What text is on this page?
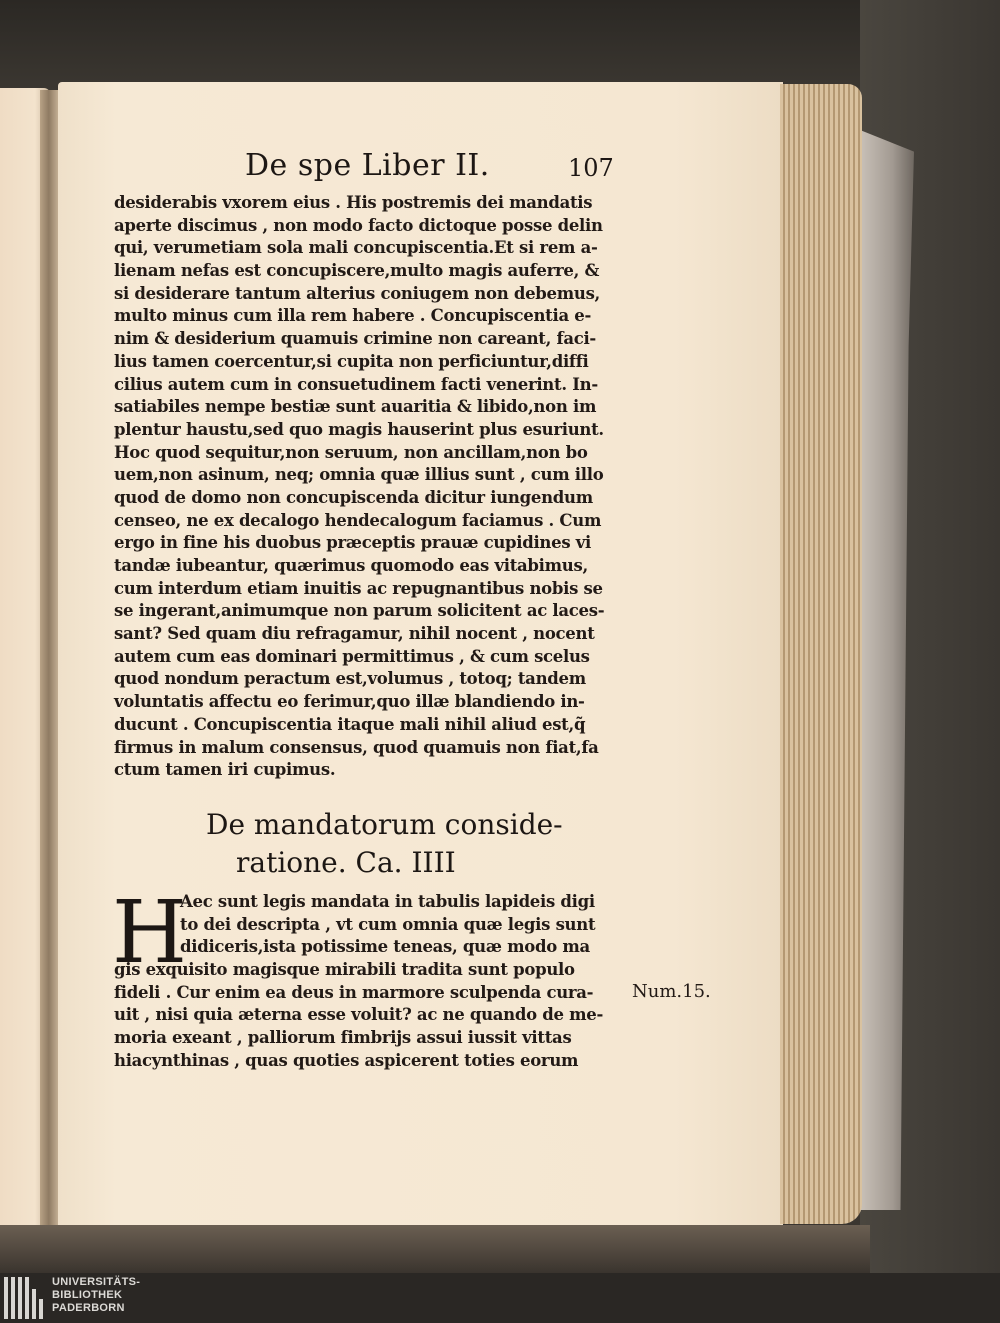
De spe Liber II.	107
desiderabis vxorem eius . His postremis dei mandatis
aperte discimus , non modo facto dictoque posse delin
qui, verumetiam sola mali concupiscentia.Et si rem a-
lienam nefas est concupiscere,multo magis auferre, &
si desiderare tantum alterius coniugem non debemus,
multo minus cum illa rem habere . Concupiscentia e-
nim & desiderium quamuis crimine non careant, faci-
lius tamen coercentur,si cupita non perficiuntur,diffi
cilius autem cum in consuetudinem facti venerint. In-
satiabiles nempe bestiæ sunt auaritia & libido,non im
plentur haustu,sed quo magis hauserint plus esuriunt.
Hoc quod sequitur,non seruum, non ancillam,non bo
uem,non asinum, neq; omnia quæ illius sunt , cum illo
quod de domo non concupiscenda dicitur iungendum
censeo, ne ex decalogo hendecalogum faciamus . Cum
ergo in fine his duobus præceptis prauæ cupidines vi
tandæ iubeantur, quærimus quomodo eas vitabimus,
cum interdum etiam inuitis ac repugnantibus nobis se
se ingerant,animumque non parum solicitent ac laces-
sant? Sed quam diu refragamur, nihil nocent , nocent
autem cum eas dominari permittimus , & cum scelus
quod nondum peractum est,volumus , totoq; tandem
voluntatis affectu eo ferimur,quo illæ blandiendo in-
ducunt . Concupiscentia itaque mali nihil aliud est,q̃
firmus in malum consensus, quod quamuis non fiat,fa
ctum tamen iri cupimus.
De mandatorum conside-
ratione. Ca. IIII
H
Aec sunt legis mandata in tabulis lapideis digi
to dei descripta , vt cum omnia quæ legis sunt
didiceris,ista potissime teneas, quæ modo ma
gis exquisito magisque mirabili tradita sunt populo
fideli . Cur enim ea deus in marmore sculpenda cura-
uit , nisi quia æterna esse voluit? ac ne quando de me-
moria exeant , palliorum fimbrijs assui iussit vittas
hiacynthinas , quas quoties aspicerent toties eorum
Num.15.
UNIVERSITÄTS-
BIBLIOTHEK
PADERBORN
